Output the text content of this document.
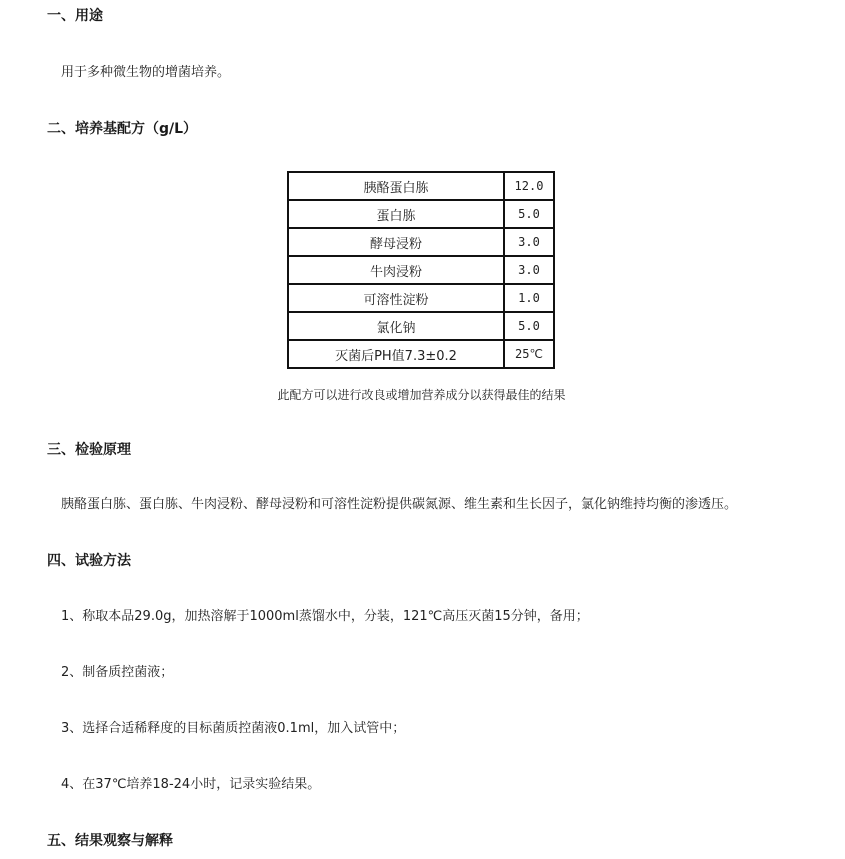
一、用途

用于多种微生物的增菌培养。

二、培养基配方（g/L）
胰酪蛋白胨	12.0
蛋白胨	5.0
酵母浸粉	3.0
牛肉浸粉	3.0
可溶性淀粉	1.0
氯化钠	5.0
灭菌后PH值7.3±0.2	25℃

此配方可以进行改良或增加营养成分以获得最佳的结果

三、检验原理

胰酪蛋白胨、蛋白胨、牛肉浸粉、酵母浸粉和可溶性淀粉提供碳氮源、维生素和生长因子，氯化钠维持均衡的渗透压。

四、试验方法

1、称取本品29.0g，加热溶解于1000ml蒸馏水中，分装，121℃高压灭菌15分钟，备用；

2、制备质控菌液；

3、选择合适稀释度的目标菌质控菌液0.1ml，加入试管中；

4、在37℃培养18-24小时，记录实验结果。

五、结果观察与解释
